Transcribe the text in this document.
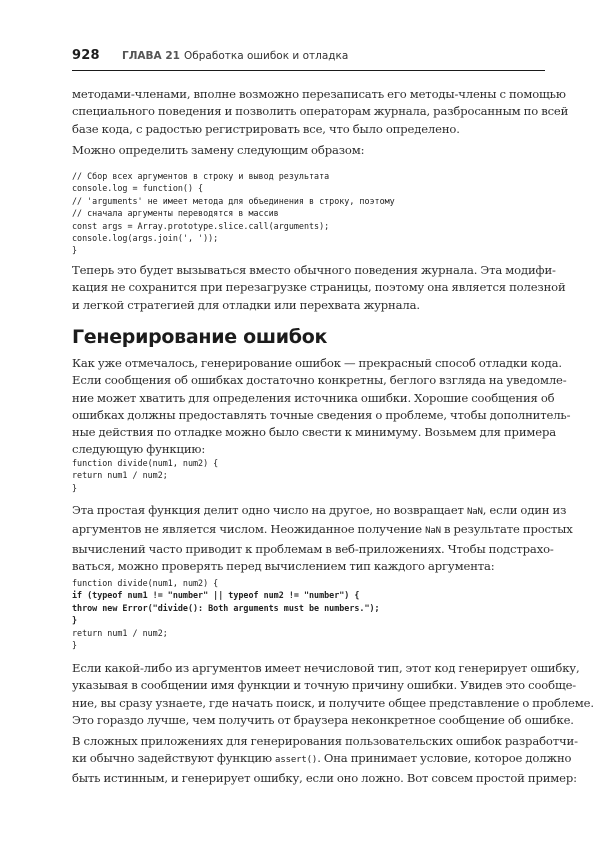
928 ГЛАВА 21 Обработка ошибок и отладка
методами-членами, вполне возможно перезаписать его методы-члены с помощью
специального поведения и позволить операторам журнала, разбросанным по всей
базе кода, с радостью регистрировать все, что было определено.
Можно определить замену следующим образом:
// Сбор всех аргументов в строку и вывод результата
console.log = function() {
// 'arguments' не имеет метода для объединения в строку, поэтому
// сначала аргументы переводятся в массив
const args = Array.prototype.slice.call(arguments);
console.log(args.join(', '));
}
Теперь это будет вызываться вместо обычного поведения журнала. Эта модифи-
кация не сохранится при перезагрузке страницы, поэтому она является полезной
и легкой стратегией для отладки или перехвата журнала.
Генерирование ошибок
Как уже отмечалось, генерирование ошибок — прекрасный способ отладки кода.
Если сообщения об ошибках достаточно конкретны, беглого взгляда на уведомле-
ние может хватить для определения источника ошибки. Хорошие сообщения об
ошибках должны предоставлять точные сведения о проблеме, чтобы дополнитель-
ные действия по отладке можно было свести к минимуму. Возьмем для примера
следующую функцию:
function divide(num1, num2) {
return num1 / num2;
}
Эта простая функция делит одно число на другое, но возвращает NaN, если один из
аргументов не является числом. Неожиданное получение NaN в результате простых
вычислений часто приводит к проблемам в веб-приложениях. Чтобы подстрахо-
ваться, можно проверять перед вычислением тип каждого аргумента:
function divide(num1, num2) {
if (typeof num1 != "number" || typeof num2 != "number") {
throw new Error("divide(): Both arguments must be numbers.");
}
return num1 / num2;
}
Если какой-либо из аргументов имеет нечисловой тип, этот код генерирует ошибку,
указывая в сообщении имя функции и точную причину ошибки. Увидев это сообще-
ние, вы сразу узнаете, где начать поиск, и получите общее представление о проблеме.
Это гораздо лучше, чем получить от браузера неконкретное сообщение об ошибке.
В сложных приложениях для генерирования пользовательских ошибок разработчи-
ки обычно задействуют функцию assert(). Она принимает условие, которое должно
быть истинным, и генерирует ошибку, если оно ложно. Вот совсем простой пример:
